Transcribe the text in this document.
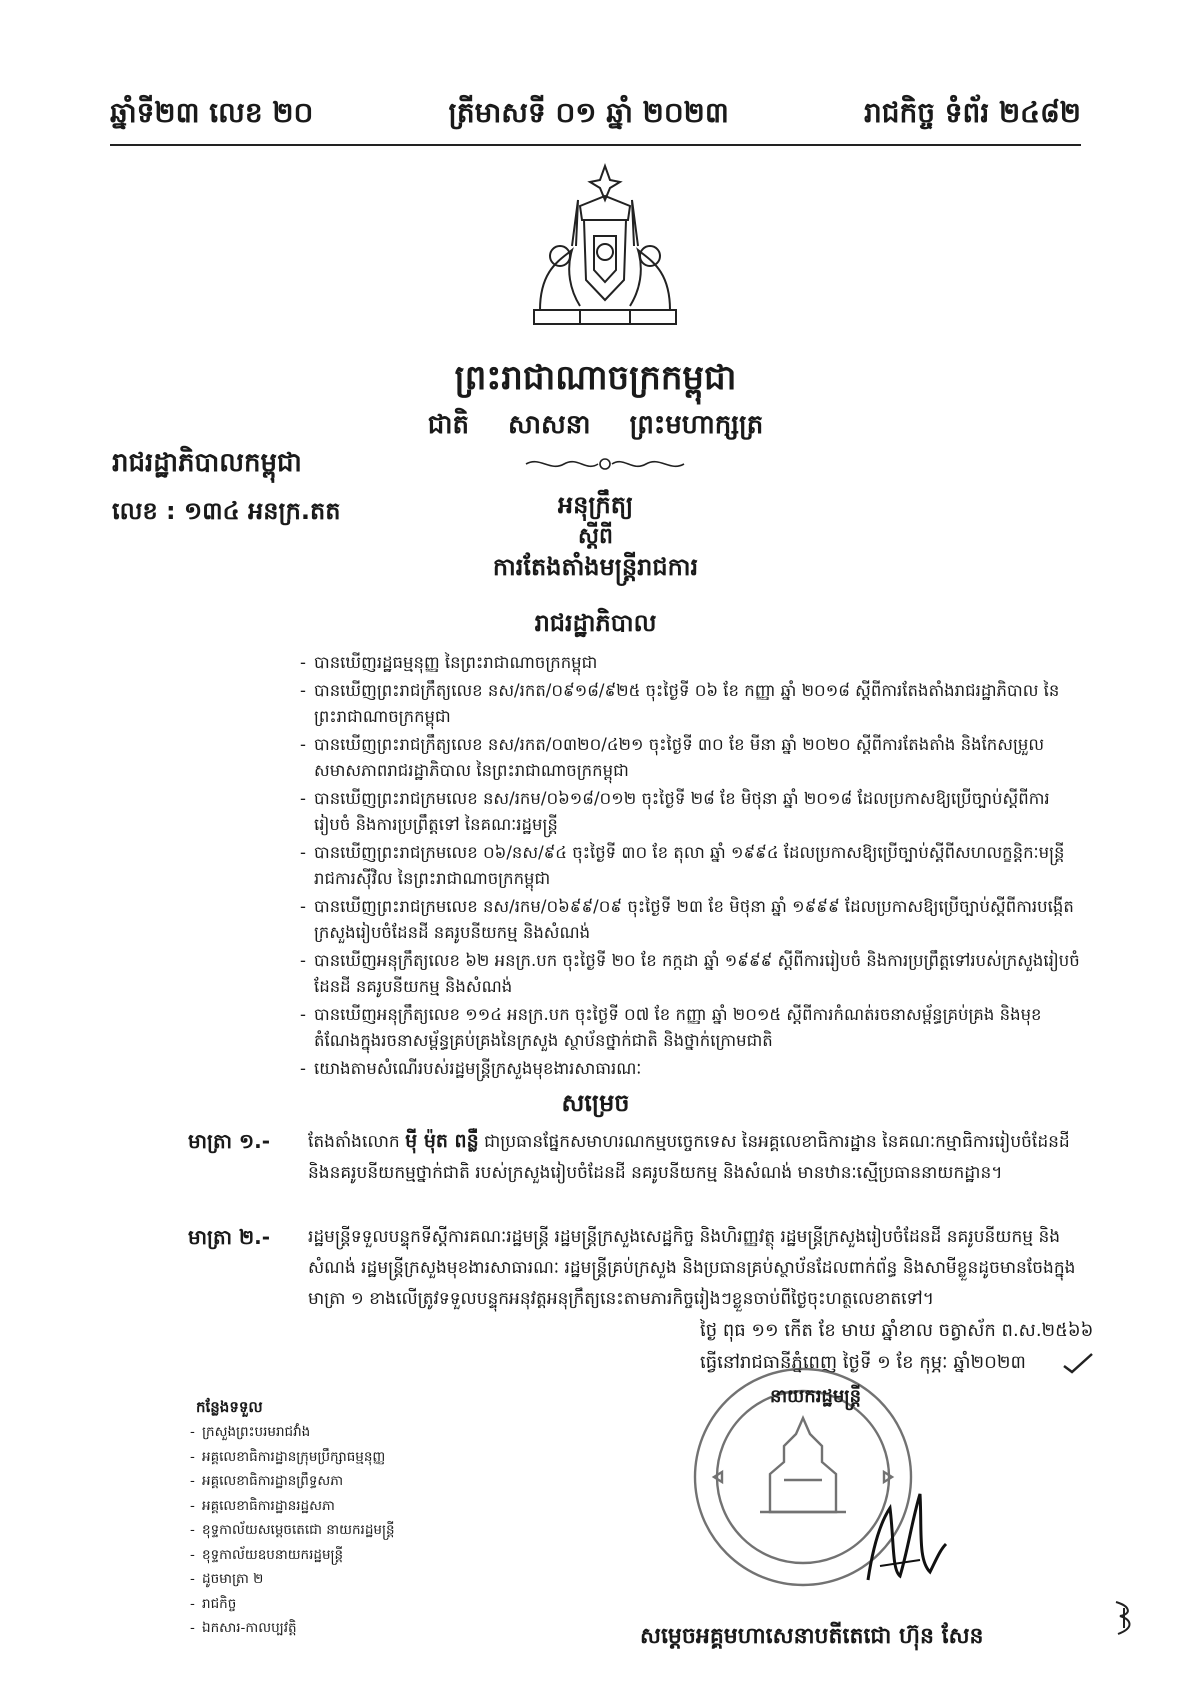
ឆ្នាំទី២៣ លេខ ២០	ត្រីមាសទី ០១ ឆ្នាំ ២០២៣	រាជកិច្ច ទំព័រ ២៤៨២
ព្រះរាជាណាចក្រកម្ពុជា
ជាតិ សាសនា ព្រះមហាក្សត្រ
រាជរដ្ឋាភិបាលកម្ពុជា
លេខ : ១៣៤ អនក្រ.តត	អនុក្រឹត្យ
ស្តីពី
ការតែងតាំងមន្ត្រីរាជការ
រាជរដ្ឋាភិបាល
- បានឃើញរដ្ឋធម្មនុញ្ញ នៃព្រះរាជាណាចក្រកម្ពុជា
- បានឃើញព្រះរាជក្រឹត្យលេខ នស/រកត/០៩១៨/៩២៥ ចុះថ្ងៃទី ០៦ ខែ កញ្ញា ឆ្នាំ ២០១៨ ស្តីពីការតែងតាំងរាជរដ្ឋាភិបាល នៃព្រះរាជាណាចក្រកម្ពុជា
- បានឃើញព្រះរាជក្រឹត្យលេខ នស/រកត/០៣២០/៤២១ ចុះថ្ងៃទី ៣០ ខែ មីនា ឆ្នាំ ២០២០ ស្តីពីការតែងតាំង និងកែសម្រួលសមាសភាពរាជរដ្ឋាភិបាល នៃព្រះរាជាណាចក្រកម្ពុជា
- បានឃើញព្រះរាជក្រមលេខ នស/រកម/០៦១៨/០១២ ចុះថ្ងៃទី ២៨ ខែ មិថុនា ឆ្នាំ ២០១៨ ដែលប្រកាសឱ្យប្រើច្បាប់ស្តីពីការរៀបចំ និងការប្រព្រឹត្តទៅ នៃគណៈរដ្ឋមន្ត្រី
- បានឃើញព្រះរាជក្រមលេខ ០៦/នស/៩៤ ចុះថ្ងៃទី ៣០ ខែ តុលា ឆ្នាំ ១៩៩៤ ដែលប្រកាសឱ្យប្រើច្បាប់ស្តីពីសហលក្ខន្តិកៈមន្ត្រីរាជការស៊ីវិល នៃព្រះរាជាណាចក្រកម្ពុជា
- បានឃើញព្រះរាជក្រមលេខ នស/រកម/០៦៩៩/០៩ ចុះថ្ងៃទី ២៣ ខែ មិថុនា ឆ្នាំ ១៩៩៩ ដែលប្រកាសឱ្យប្រើច្បាប់ស្តីពីការបង្កើតក្រសួងរៀបចំដែនដី នគរូបនីយកម្ម និងសំណង់
- បានឃើញអនុក្រឹត្យលេខ ៦២ អនក្រ.បក ចុះថ្ងៃទី ២០ ខែ កក្កដា ឆ្នាំ ១៩៩៩ ស្តីពីការរៀបចំ និងការប្រព្រឹត្តទៅរបស់ក្រសួងរៀបចំដែនដី នគរូបនីយកម្ម និងសំណង់
- បានឃើញអនុក្រឹត្យលេខ ១១៤ អនក្រ.បក ចុះថ្ងៃទី ០៧ ខែ កញ្ញា ឆ្នាំ ២០១៥ ស្តីពីការកំណត់រចនាសម្ព័ន្ធគ្រប់គ្រង និងមុខតំណែងក្នុងរចនាសម្ព័ន្ធគ្រប់គ្រងនៃក្រសួង ស្ថាប័នថ្នាក់ជាតិ និងថ្នាក់ក្រោមជាតិ
- យោងតាមសំណើរបស់រដ្ឋមន្ត្រីក្រសួងមុខងារសាធារណៈ
សម្រេច
មាត្រា ១.-	តែងតាំងលោក ម៉ី ម៉ុត ពន្លឺ ជាប្រធានផ្នែកសមាហរណកម្មបច្ចេកទេស នៃអគ្គលេខាធិការដ្ឋាន នៃគណៈកម្មាធិការរៀបចំដែនដី និងនគរូបនីយកម្មថ្នាក់ជាតិ របស់ក្រសួងរៀបចំដែនដី នគរូបនីយកម្ម និងសំណង់ មានឋានៈស្មើប្រធាននាយកដ្ឋាន។
មាត្រា ២.-	រដ្ឋមន្ត្រីទទួលបន្ទុកទីស្តីការគណៈរដ្ឋមន្ត្រី រដ្ឋមន្ត្រីក្រសួងសេដ្ឋកិច្ច និងហិរញ្ញវត្ថុ រដ្ឋមន្ត្រីក្រសួងរៀបចំដែនដី នគរូបនីយកម្ម និងសំណង់ រដ្ឋមន្ត្រីក្រសួងមុខងារសាធារណៈ រដ្ឋមន្ត្រីគ្រប់ក្រសួង និងប្រធានគ្រប់ស្ថាប័នដែលពាក់ព័ន្ធ និងសាមីខ្លួនដូចមានចែងក្នុងមាត្រា ១ ខាងលើត្រូវទទួលបន្ទុកអនុវត្តអនុក្រឹត្យនេះតាមភារកិច្ចរៀងៗខ្លួនចាប់ពីថ្ងៃចុះហត្ថលេខាតទៅ។
ថ្ងៃ ពុធ ១១ កើត ខែ មាឃ ឆ្នាំខាល ចត្វាស័ក ព.ស.២៥៦៦
ធ្វើនៅរាជធានីភ្នំពេញ ថ្ងៃទី ១ ខែ កុម្ភៈ ឆ្នាំ២០២៣
នាយករដ្ឋមន្ត្រី
កន្លែងទទួល
- ក្រសួងព្រះបរមរាជវាំង
- អគ្គលេខាធិការដ្ឋានក្រុមប្រឹក្សាធម្មនុញ្ញ
- អគ្គលេខាធិការដ្ឋានព្រឹទ្ធសភា
- អគ្គលេខាធិការដ្ឋានរដ្ឋសភា
- ខុទ្ទកាល័យសម្តេចតេជោ នាយករដ្ឋមន្ត្រី
- ខុទ្ទកាល័យឧបនាយករដ្ឋមន្ត្រី
- ដូចមាត្រា ២
- រាជកិច្ច
- ឯកសារ-កាលប្បវត្តិ	សម្តេចអគ្គមហាសេនាបតីតេជោ ហ៊ុន សែន
